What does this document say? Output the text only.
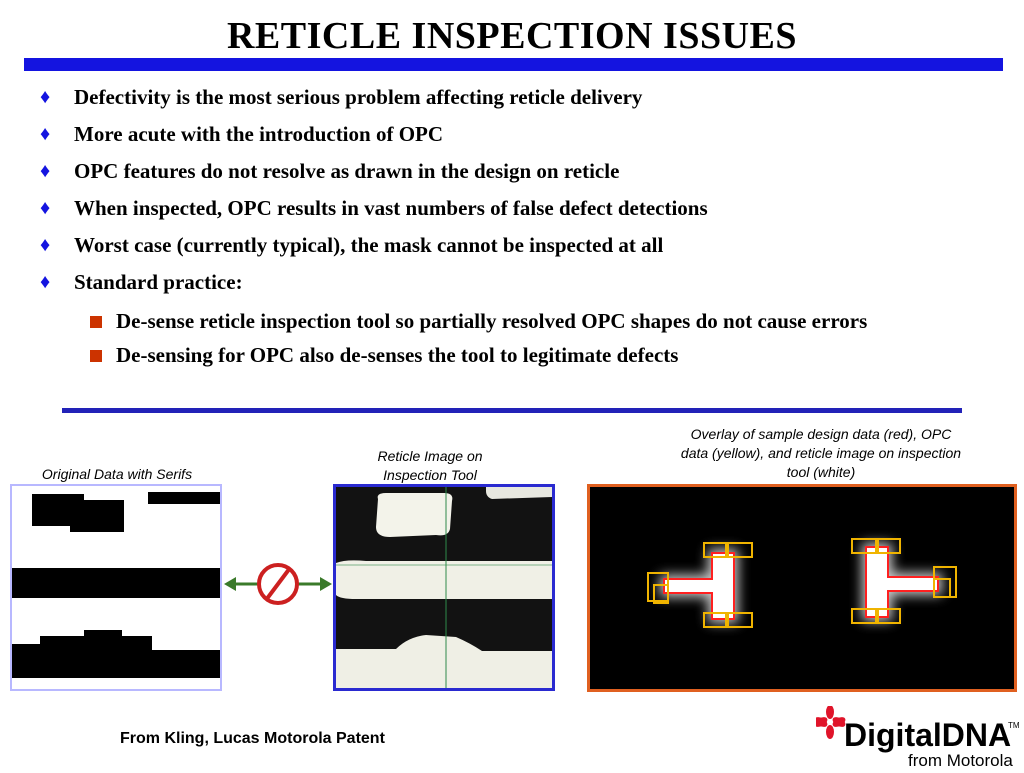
RETICLE INSPECTION ISSUES
♦ Defectivity is the most serious problem affecting reticle delivery
♦ More acute with the introduction of OPC
♦ OPC features do not resolve as drawn in the design on reticle
♦ When inspected, OPC results in vast numbers of false defect detections
♦ Worst case (currently typical), the mask cannot be inspected at all
♦ Standard practice:
De-sense reticle inspection tool so partially resolved OPC shapes do not cause errors
De-sensing for OPC also de-senses the tool to legitimate defects
Original Data with Serifs
Reticle Image on Inspection Tool
Overlay of sample design data (red), OPC data (yellow), and reticle image on inspection tool (white)
From Kling, Lucas Motorola Patent	DigitalDNA
TM
from Motorola
